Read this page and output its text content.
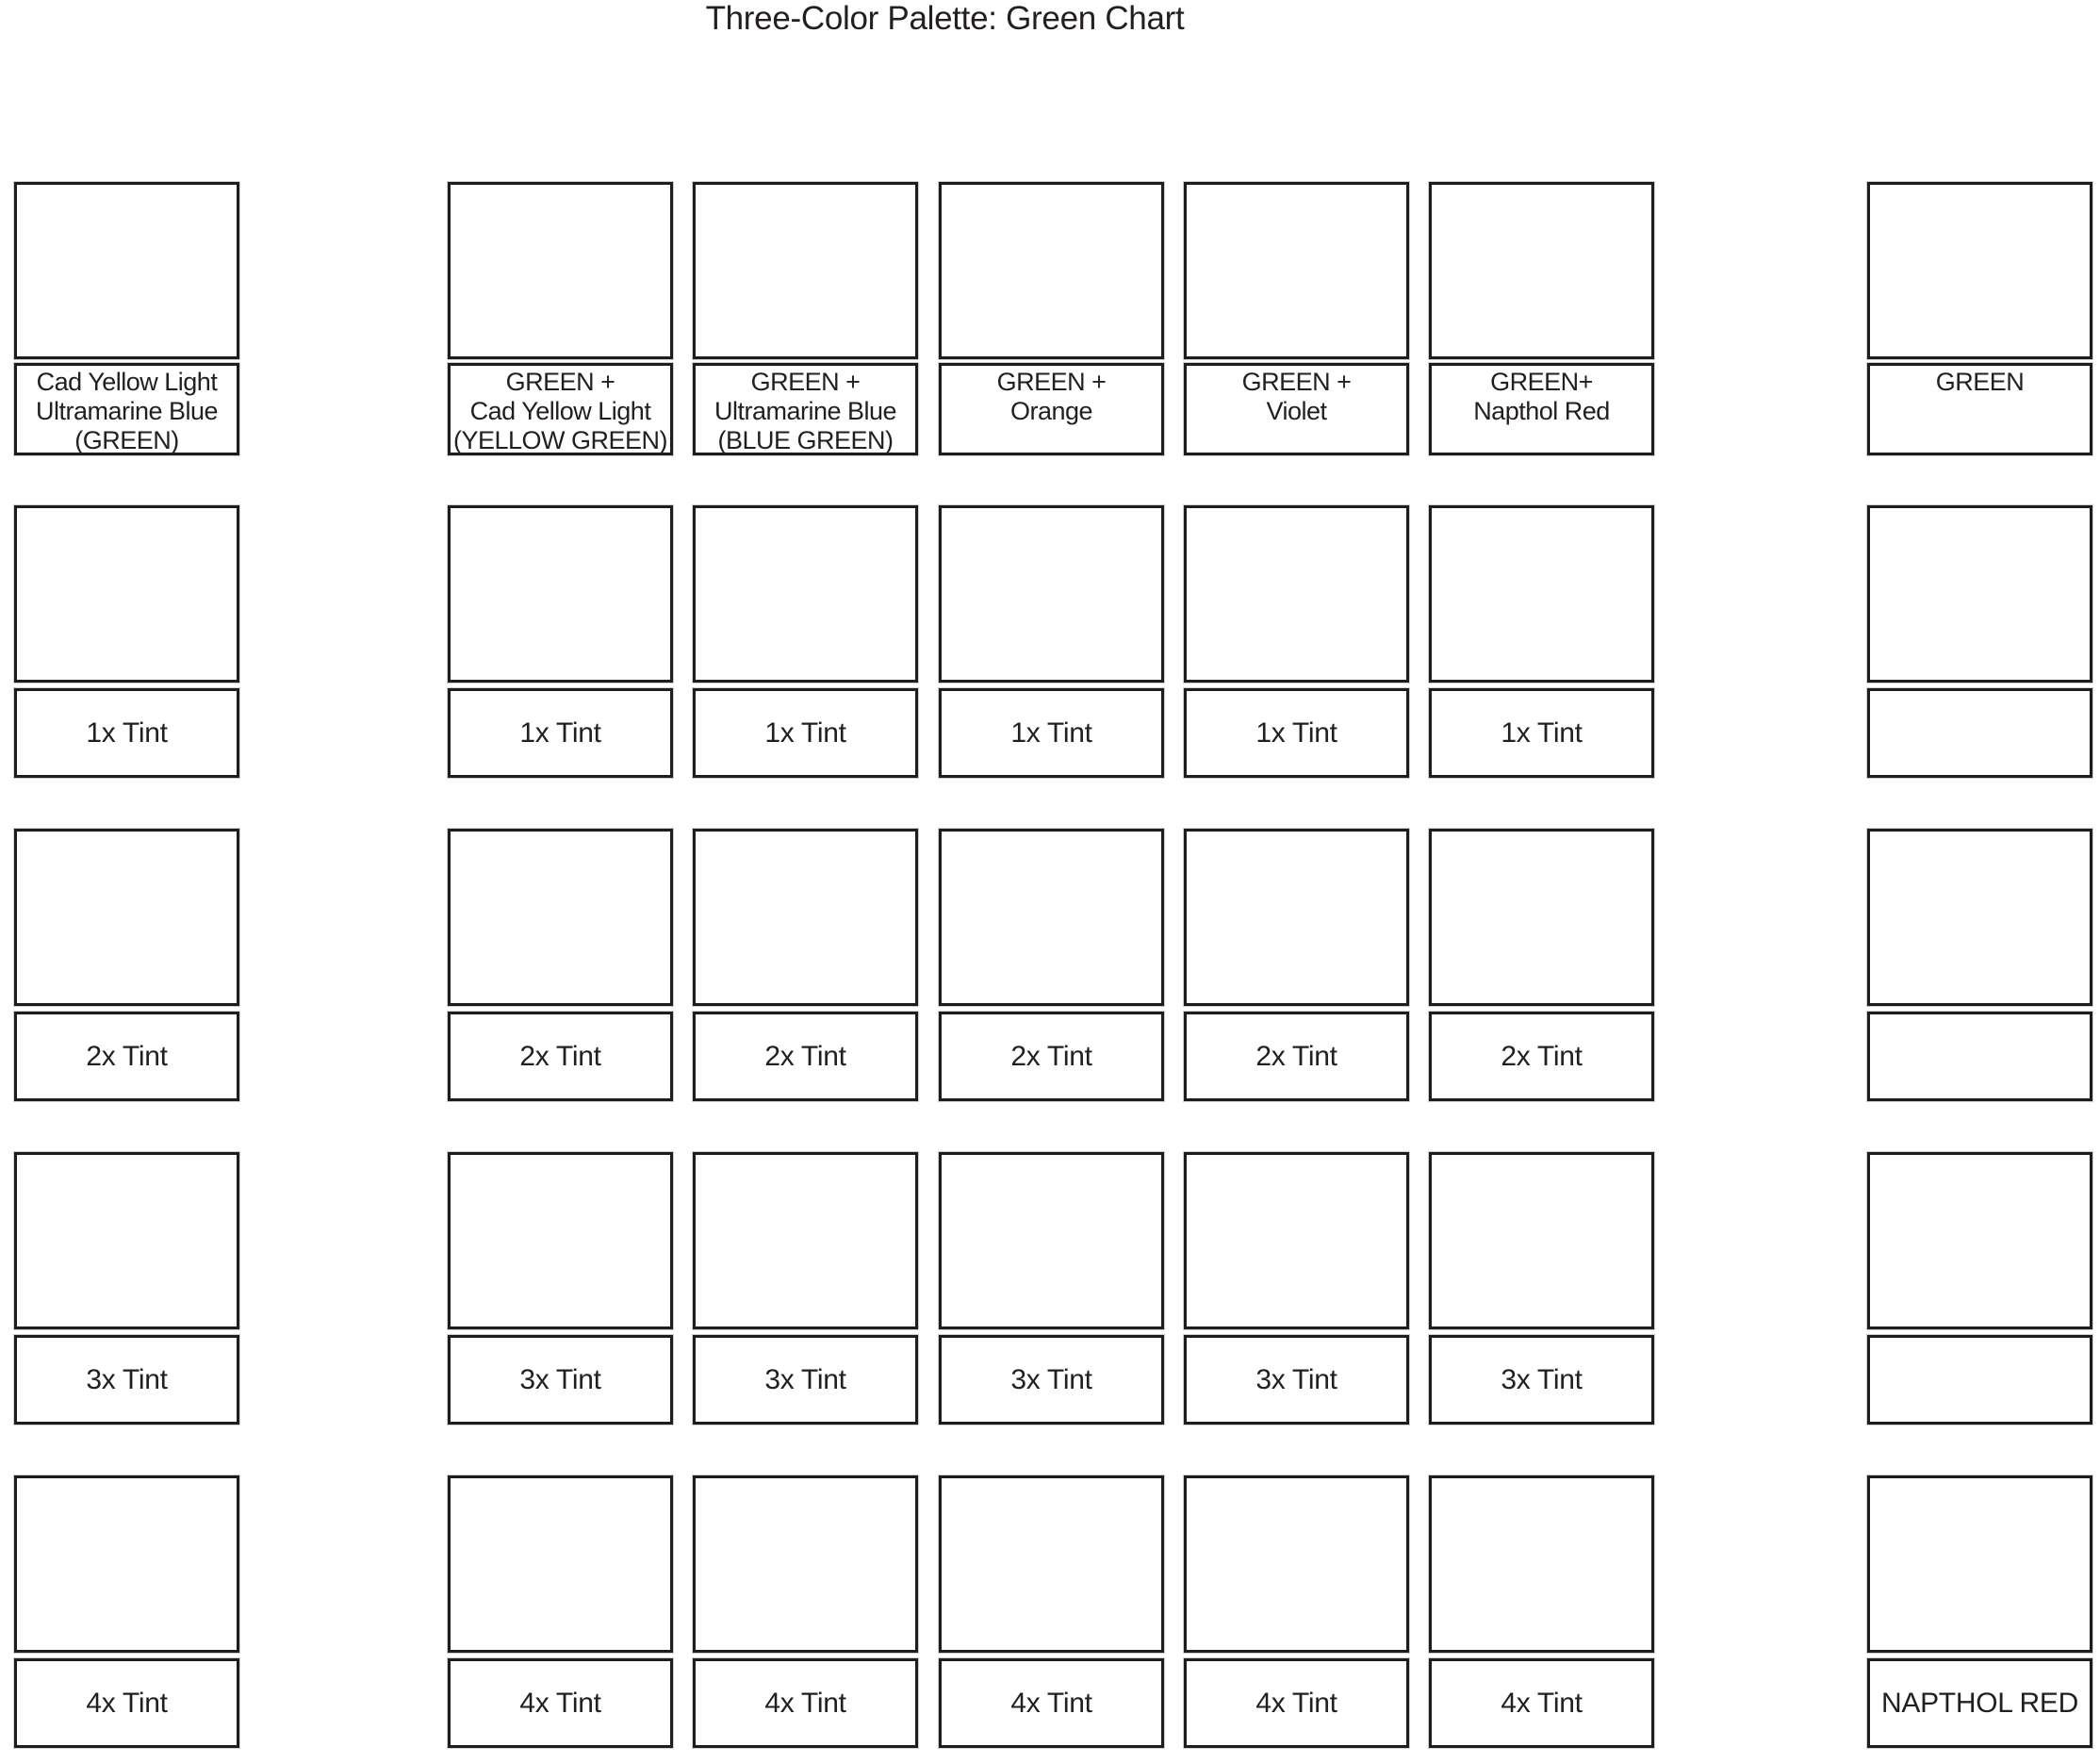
Three-Color Palette: Green Chart
Cad Yellow Light
Ultramarine Blue
(GREEN)
1x Tint
2x Tint
3x Tint
4x Tint
GREEN +
Cad Yellow Light
(YELLOW GREEN)
1x Tint
2x Tint
3x Tint
4x Tint
GREEN +
Ultramarine Blue
(BLUE GREEN)
1x Tint
2x Tint
3x Tint
4x Tint
GREEN +
Orange
1x Tint
2x Tint
3x Tint
4x Tint
GREEN +
Violet
1x Tint
2x Tint
3x Tint
4x Tint
GREEN+
Napthol Red
1x Tint
2x Tint
3x Tint
4x Tint
GREEN
NAPTHOL RED
